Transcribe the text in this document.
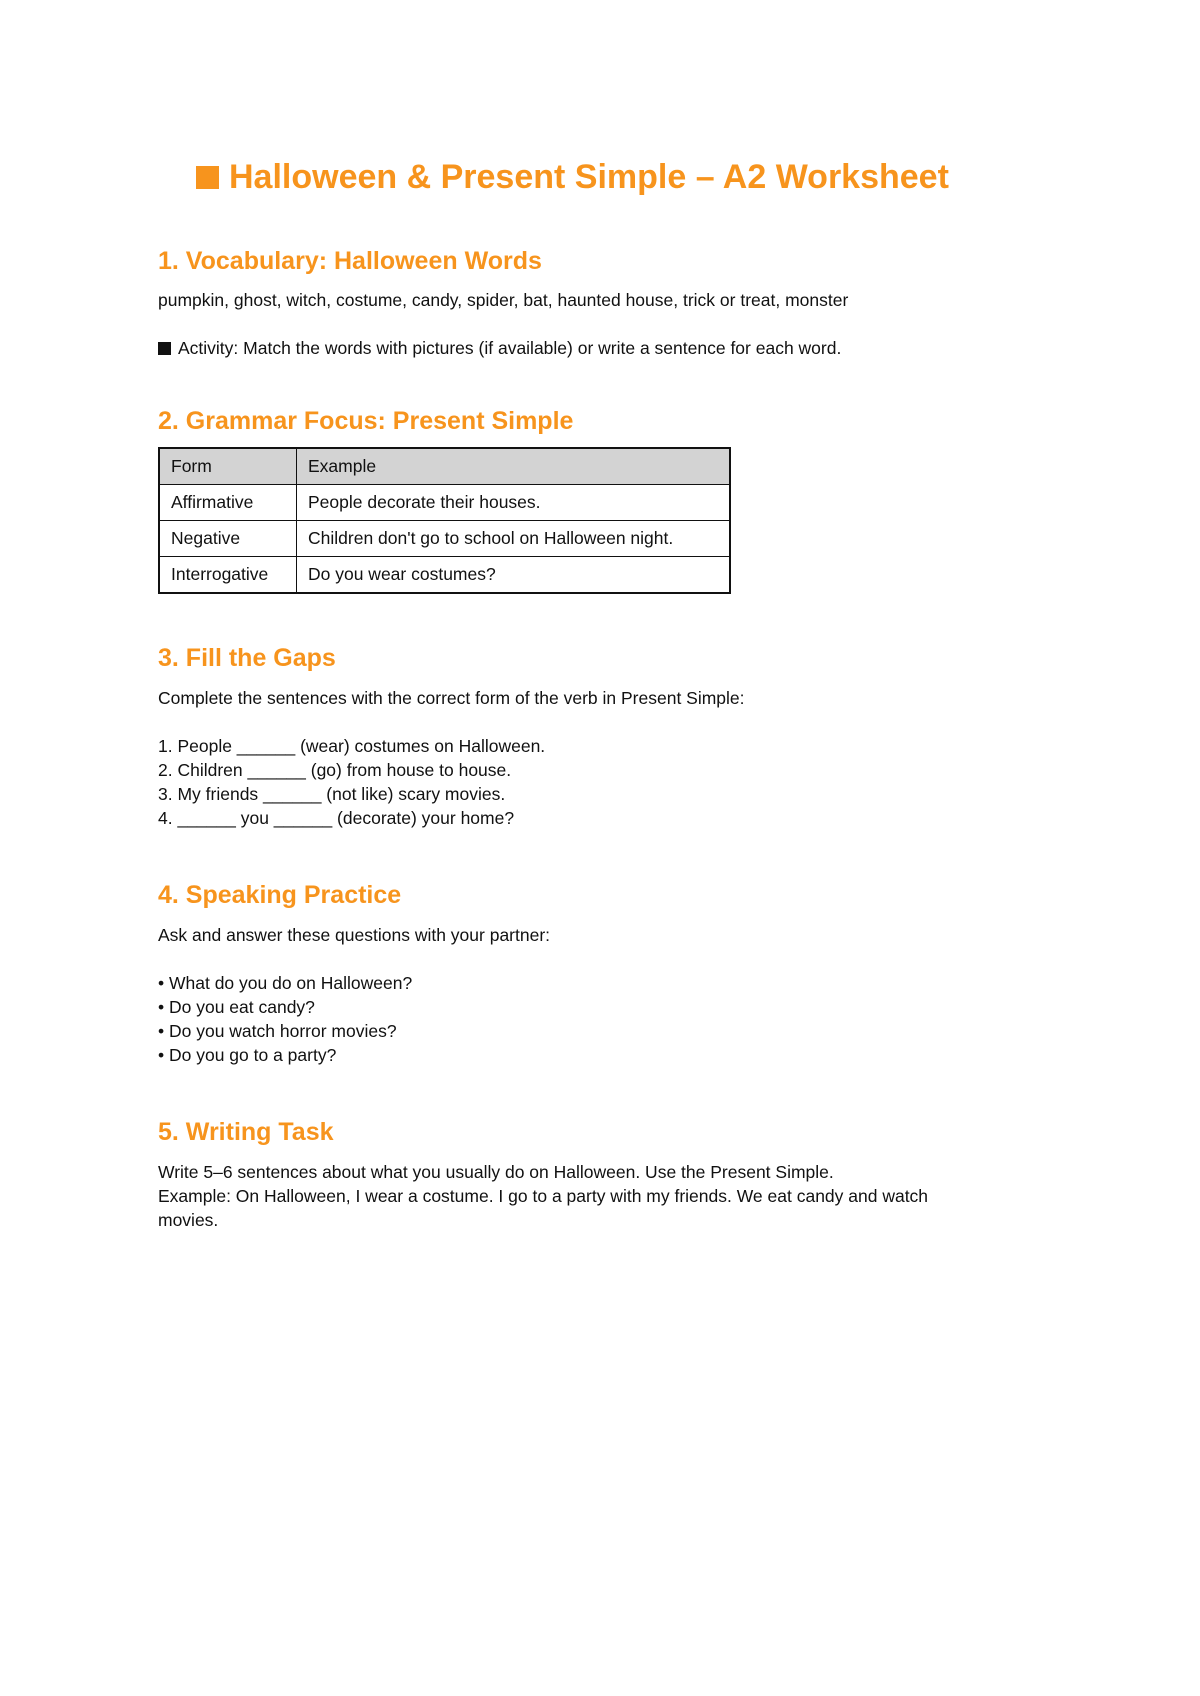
Halloween & Present Simple – A2 Worksheet
1. Vocabulary: Halloween Words

pumpkin, ghost, witch, costume, candy, spider, bat, haunted house, trick or treat, monster

Activity: Match the words with pictures (if available) or write a sentence for each word.

2. Grammar Focus: Present Simple
Form	Example
Affirmative	People decorate their houses.
Negative	Children don't go to school on Halloween night.
Interrogative	Do you wear costumes?
3. Fill the Gaps

Complete the sentences with the correct form of the verb in Present Simple:

1. People ______ (wear) costumes on Halloween.
2. Children ______ (go) from house to house.
3. My friends ______ (not like) scary movies.
4. ______ you ______ (decorate) your home?
4. Speaking Practice

Ask and answer these questions with your partner:

• What do you do on Halloween?
• Do you eat candy?
• Do you watch horror movies?
• Do you go to a party?
5. Writing Task
Write 5–6 sentences about what you usually do on Halloween. Use the Present Simple.
Example: On Halloween, I wear a costume. I go to a party with my friends. We eat candy and watch
movies.
